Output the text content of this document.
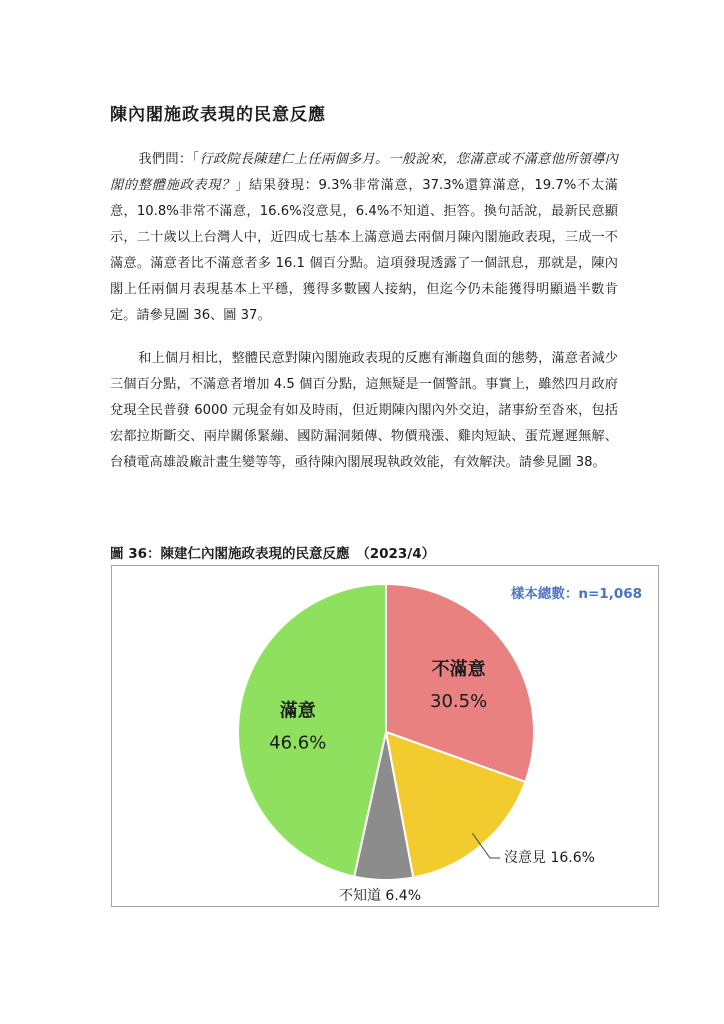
陳內閣施政表現的民意反應
我們問：「行政院長陳建仁上任兩個多月。一般說來，您滿意或不滿意他所領導內閣的整體施政表現？」結果發現：9.3%非常滿意，37.3%還算滿意，19.7%不太滿意，10.8%非常不滿意，16.6%沒意見，6.4%不知道、拒答。換句話說，最新民意顯示，二十歲以上台灣人中，近四成七基本上滿意過去兩個月陳內閣施政表現，三成一不滿意。滿意者比不滿意者多 16.1 個百分點。這項發現透露了一個訊息，那就是，陳內閣上任兩個月表現基本上平穩，獲得多數國人接納，但迄今仍未能獲得明顯過半數肯定。請參見圖 36、圖 37。
和上個月相比，整體民意對陳內閣施政表現的反應有漸趨負面的態勢，滿意者減少三個百分點，不滿意者增加 4.5 個百分點，這無疑是一個警訊。事實上，雖然四月政府兌現全民普發 6000 元現金有如及時雨，但近期陳內閣內外交迫，諸事紛至沓來，包括宏都拉斯斷交、兩岸關係緊繃、國防漏洞頻傳、物價飛漲、雞肉短缺、蛋荒遲遲無解、台積電高雄設廠計畫生變等等，亟待陳內閣展現執政效能，有效解決。請參見圖 38。
圖 36：陳建仁內閣施政表現的民意反應　（2023/4）
不滿意
30.5%
滿意
46.6%
沒意見 16.6%
不知道 6.4%
樣本總數：n=1,068
